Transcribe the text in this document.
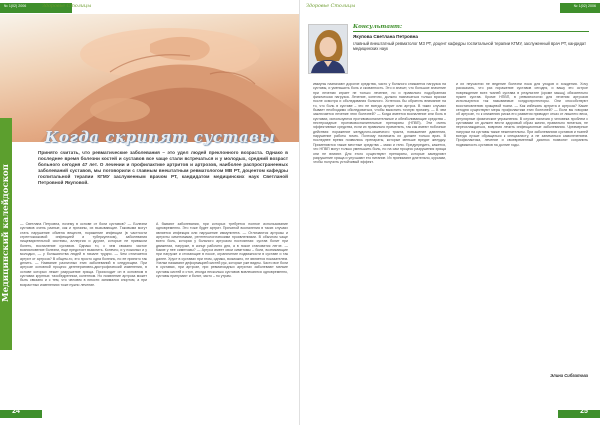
№ 1(02) 2006	Здоровье Столицы
Медицинский калейдоскоп
Когда скрипят суставы

Принято считать, что ревматические заболевания – это удел людей преклонного возраста. Однако в последнее время болезни костей и суставов все чаще стали встречаться и у молодых, средний возраст больного сегодня 47 лет. О лечении и профилактике артритов и артрозов, наиболее распространенных заболеваний суставов, мы поговорили с главным внештатным ревматологом МВ РТ, доцентом кафедры госпитальной терапии КГМУ заслуженным врачом РТ, кандидатом медицинских наук Светланой Петровной Якуповой.

— Светлана Петровна, почему в основе от боли суставов? — Болезни суставов очень разные, как и причины, их вызывающие. Таковыми могут стать нарушение обмена веществ, поражение инфекции (в частности стрептококковой инфекцией и туберкулезом), заболевания пищеварительной системы, аллергия и другие, которые не привыкли болеть, воспаление суставов. Однако то, с чем связано частое возникновение болезни, еще предстоит выяснить. Конечно, и у пожилых и у молодых, — у большинства людей в начале трудно. — Чем отличается артрит от артроза? В общем-то, это просто одна болезнь, но ее принято так делить. — Название различных этих заболеваний в следующем. При артрозе основной процесс дегенеративно-дистрофический изменения, в основе которых лежит разрушение хряща. Происходит он в основном в суставах крупных: тазобедренном, коленном. Но появление артроза может быть связано и с тем, что человек в юности занимался спортом, а при возрастных изменениях тоже нужно лечение.

А бывают заболевания, при которых требуется полное использование одновременно. Это тоже будет артрит. Причиной воспаления в таких случаях является инфекция или нарушение иммунитета. — Отличаются артрозы и артриты симптомами, рентгенологическими проявлениями. В обычном чаще всего боль, которая у больного артрозом постоянная: сустав болит при движении, нагрузке, в конце рабочего дня, а в покое становится легче. — Какие у нее симптомы? — Артроз имеет свои симптомы – боли, возникающие при нагрузке и стихающие в покое, ограничение подвижности в суставе и так далее. Хруст в суставах при этом, однако, возможно, не является показателем. Узелки называют деформацией кистей рук, которые уже видны. Часто все боли в суставах, при артрозе, при ревматоидных артритах заболевают мелкие суставы кистей и стоп, иногда несколько суставов вовлекаются одновременно, суставы припухают и болят, часто – по утрам.

24
№ 1(02) 2006
Здоровье Столицы
Консультант:
Якупова Светлана Петровна

главный внештатный ревматолог МЗ РТ, доцент кафедры госпитальной терапии КГМУ, заслуженный врач РТ, кандидат медицинских наук

иммуны назначают дорогие средства, часто у больного снижается нагрузка на суставы, и уменьшить боль и скованность. Это и значит, что большое значение при лечении играет не только лечение, но и правильно подобранная физическая нагрузка. Лечение, конечно, должно назначаться только врачом после осмотра и обследования больного. Хотелось бы обратить внимание на то, что боль в суставе – это не всегда артрит или артроз. В таких случаях бывает необходимо обследоваться, чтобы выяснить точную причину. — В чем заключается лечение этих болезней? — Когда имеется воспаление или боль в суставах, используются противовоспалительные и обезболивающие средства – нестероидные противовоспалительные препараты (НПВП). Эти очень эффективные средства, если их правильно применять, так как имеют побочные действия: поражение желудочно-кишечного тракта, повышение давления, нарушение работы почек. Поэтому назначать их должен только врач. В последнее время появились препараты, которые меньше вредят желудку. Применяются также местные средства – мази и гели. Предупредить, кажется, что НПВП могут только уменьшить боль, но на сам процесс разрушения хряща они не влияют. Для этого существуют препараты, которые замедляют разрушение хряща и улучшают его питание. Их принимают длительно, курсами, чтобы получить устойчивый эффект.

и их неучастии не ведение болезни пока для уходов и хождения. Хочу рассказать, что раз поражение суставов сегодня, и вашу это острое повреждение всех тканей сустава в результате (кроме мышц) обязательно нужен сустав. Кроме НПВП, в ревматологии для лечения артрозов используются так называемые хондропротекторы. Они способствуют восстановлению хрящевой ткани. — Как избежать артрита и артроза? Какие сегодня существуют меры профилактики этих болезней? — Если вы говорим об артрозе, то к снижению риска его развития приводит отказ от лишнего веса, регулярные физические упражнения. В случае наличия у человека проблем с суставами он должен вести здоровый образ жизни, правильно питаться, не переохлаждаться, вовремя лечить инфекционные заболевания. Чрезмерные нагрузки на суставы также нежелательны. При заболеваниях суставов и тканей всегда лучше обращаться к специалисту, а не заниматься самолечением. Профилактика, лечение и своевременный диагноз позволят сохранить подвижность суставов на долгие годы.

Элина Сибгатова
25
